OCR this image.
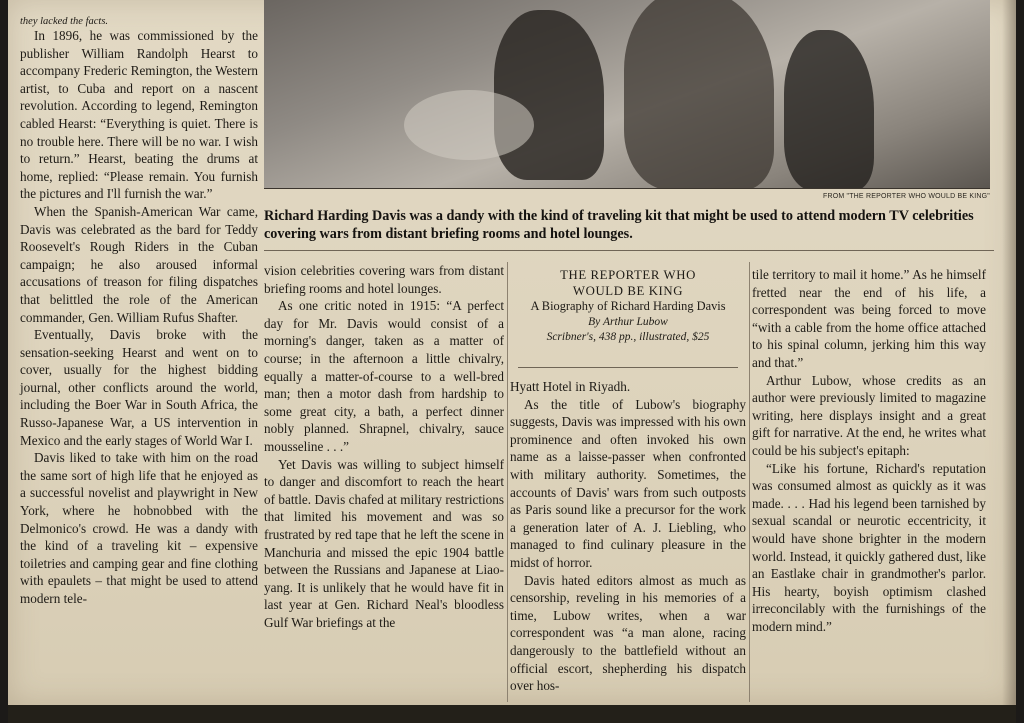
FROM "THE REPORTER WHO WOULD BE KING"
Richard Harding Davis was a dandy with the kind of traveling kit that might be used to attend modern TV celebrities covering wars from distant briefing rooms and hotel lounges.

they lacked the facts.

In 1896, he was commissioned by the publisher William Randolph Hearst to accompany Frederic Remington, the Western artist, to Cuba and report on a nascent revolution. According to legend, Remington cabled Hearst: “Everything is quiet. There is no trouble here. There will be no war. I wish to return.” Hearst, beating the drums at home, replied: “Please remain. You furnish the pictures and I'll furnish the war.”

When the Spanish-American War came, Davis was celebrated as the bard for Teddy Roosevelt's Rough Riders in the Cuban campaign; he also aroused informal accusations of treason for filing dispatches that belittled the role of the American commander, Gen. William Rufus Shafter.

Eventually, Davis broke with the sensation-seeking Hearst and went on to cover, usually for the highest bidding journal, other conflicts around the world, including the Boer War in South Africa, the Russo-Japanese War, a US intervention in Mexico and the early stages of World War I.

Davis liked to take with him on the road the same sort of high life that he enjoyed as a successful novelist and playwright in New York, where he hobnobbed with the Delmonico's crowd. He was a dandy with the kind of a traveling kit – expensive toiletries and camping gear and fine clothing with epaulets – that might be used to attend modern tele-

vision celebrities covering wars from distant briefing rooms and hotel lounges.

As one critic noted in 1915: “A perfect day for Mr. Davis would consist of a morning's danger, taken as a matter of course; in the afternoon a little chivalry, equally a matter-of-course to a well-bred man; then a motor dash from hardship to some great city, a bath, a perfect dinner nobly planned. Shrapnel, chivalry, sauce mousseline . . .”

Yet Davis was willing to subject himself to danger and discomfort to reach the heart of battle. Davis chafed at military restrictions that limited his movement and was so frustrated by red tape that he left the scene in Manchuria and missed the epic 1904 battle between the Russians and Japanese at Liao-yang. It is unlikely that he would have fit in last year at Gen. Richard Neal's bloodless Gulf War briefings at the

THE REPORTER WHO
WOULD BE KING
A Biography of Richard Harding Davis
By Arthur Lubow
Scribner's, 438 pp., illustrated, $25

Hyatt Hotel in Riyadh.

As the title of Lubow's biography suggests, Davis was impressed with his own prominence and often invoked his own name as a laisse-passer when confronted with military authority. Sometimes, the accounts of Davis' wars from such outposts as Paris sound like a precursor for the work a generation later of A. J. Liebling, who managed to find culinary pleasure in the midst of horror.

Davis hated editors almost as much as censorship, reveling in his memories of a time, Lubow writes, when a war correspondent was “a man alone, racing dangerously to the battlefield without an official escort, shepherding his dispatch over hos-

tile territory to mail it home.” As he himself fretted near the end of his life, a correspondent was being forced to move “with a cable from the home office attached to his spinal column, jerking him this way and that.”

Arthur Lubow, whose credits as an author were previously limited to magazine writing, here displays insight and a great gift for narrative. At the end, he writes what could be his subject's epitaph:

“Like his fortune, Richard's reputation was consumed almost as quickly as it was made. . . . Had his legend been tarnished by sexual scandal or neurotic eccentricity, it would have shone brighter in the modern world. Instead, it quickly gathered dust, like an Eastlake chair in grandmother's parlor. His hearty, boyish optimism clashed irreconcilably with the furnishings of the modern mind.”
